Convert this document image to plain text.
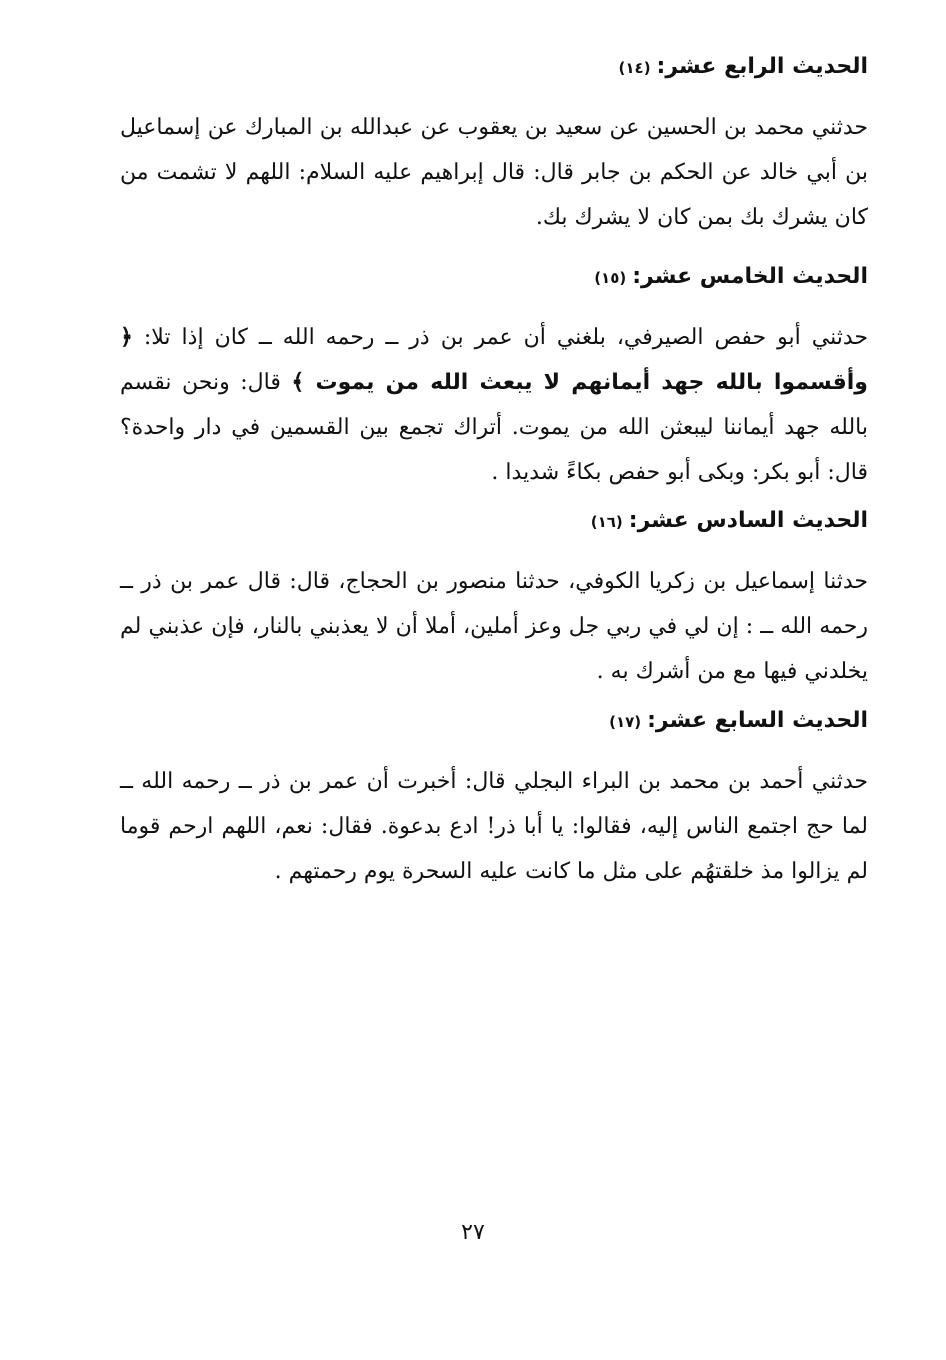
الحديث الرابع عشر:(١٤)

حدثني محمد بن الحسين عن سعيد بن يعقوب عن عبدالله بن المبارك عن إسماعيل بن أبي خالد عن الحكم بن جابر قال: قال إبراهيم عليه السلام: اللهم لا تشمت من كان يشرك بك بمن كان لا يشرك بك.

الحديث الخامس عشر:(١٥)

حدثني أبو حفص الصيرفي، بلغني أن عمر بن ذر ــ رحمه الله ــ كان إذا تلا: ﴿ وأقسموا بالله جهد أيمانهم لا يبعث الله من يموت ﴾ قال: ونحن نقسم بالله جهد أيماننا ليبعثن الله من يموت. أتراك تجمع بين القسمين في دار واحدة؟ قال: أبو بكر: وبكى أبو حفص بكاءً شديدا .

الحديث السادس عشر:(١٦)

حدثنا إسماعيل بن زكريا الكوفي، حدثنا منصور بن الحجاج، قال: قال عمر بن ذر ــ رحمه الله ــ : إن لي في ربي جل وعز أملين، أملا أن لا يعذبني بالنار، فإن عذبني لم يخلدني فيها مع من أشرك به .

الحديث السابع عشر:(١٧)

حدثني أحمد بن محمد بن البراء البجلي قال: أخبرت أن عمر بن ذر ــ رحمه الله ــ لما حج اجتمع الناس إليه، فقالوا: يا أبا ذر! ادع بدعوة. فقال: نعم، اللهم ارحم قوما لم يزالوا مذ خلقتهُم على مثل ما كانت عليه السحرة يوم رحمتهم .

٢٧
